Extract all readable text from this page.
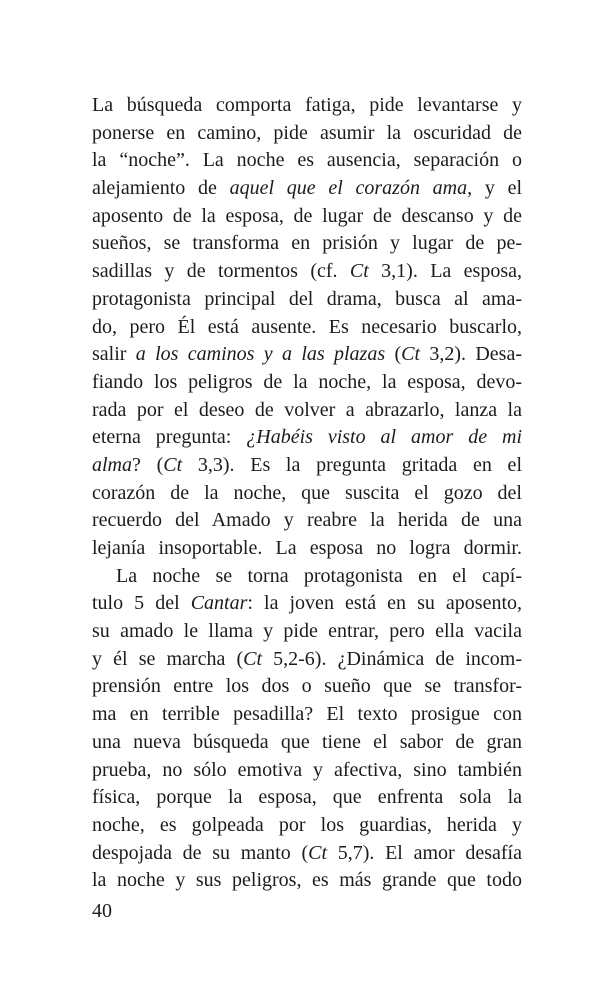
La búsqueda comporta fatiga, pide levantarse y
ponerse en camino, pide asumir la oscuridad de
la “noche”. La noche es ausencia, separación o
alejamiento de aquel que el corazón ama, y el
aposento de la esposa, de lugar de descanso y de
sueños, se transforma en prisión y lugar de pe-
sadillas y de tormentos (cf. Ct 3,1). La esposa,
protagonista principal del drama, busca al ama-
do, pero Él está ausente. Es necesario buscarlo,
salir a los caminos y a las plazas (Ct 3,2). Desa-
fiando los peligros de la noche, la esposa, devo-
rada por el deseo de volver a abrazarlo, lanza la
eterna pregunta: ¿Habéis visto al amor de mi
alma? (Ct 3,3). Es la pregunta gritada en el
corazón de la noche, que suscita el gozo del
recuerdo del Amado y reabre la herida de una
lejanía insoportable. La esposa no logra dormir.
La noche se torna protagonista en el capí-
tulo 5 del Cantar: la joven está en su aposento,
su amado le llama y pide entrar, pero ella vacila
y él se marcha (Ct 5,2-6). ¿Dinámica de incom-
prensión entre los dos o sueño que se transfor-
ma en terrible pesadilla? El texto prosigue con
una nueva búsqueda que tiene el sabor de gran
prueba, no sólo emotiva y afectiva, sino también
física, porque la esposa, que enfrenta sola la
noche, es golpeada por los guardias, herida y
despojada de su manto (Ct 5,7). El amor desafía
la noche y sus peligros, es más grande que todo
40
